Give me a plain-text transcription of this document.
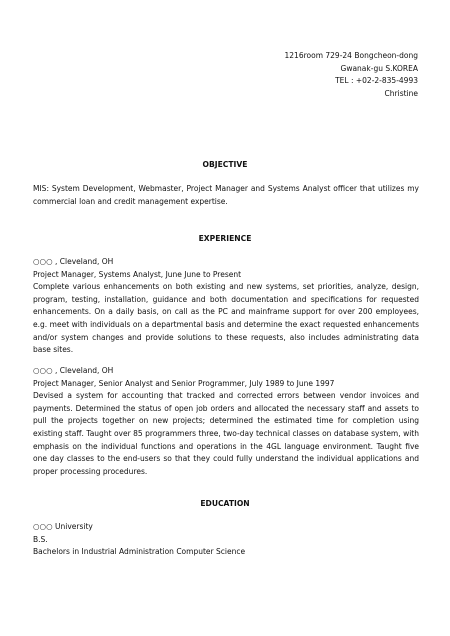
1216room 729-24 Bongcheon-dong
Gwanak-gu S.KOREA
TEL : +02-2-835-4993
Christine
OBJECTIVE
MIS: System Development, Webmaster, Project Manager and Systems Analyst officer that utilizes my commercial loan and credit management expertise.
EXPERIENCE
○○○ , Cleveland, OH
Project Manager, Systems Analyst, June June to Present
Complete various enhancements on both existing and new systems, set priorities, analyze, design, program, testing, installation, guidance and both documentation and specifications for requested enhancements. On a daily basis, on call as the PC and mainframe support for over 200 employees, e.g. meet with individuals on a departmental basis and determine the exact requested enhancements and/or system changes and provide solutions to these requests, also includes administrating data base sites.
○○○ , Cleveland, OH
Project Manager, Senior Analyst and Senior Programmer, July 1989 to June 1997
Devised a system for accounting that tracked and corrected errors between vendor invoices and payments. Determined the status of open job orders and allocated the necessary staff and assets to pull the projects together on new projects; determined the estimated time for completion using existing staff. Taught over 85 programmers three, two-day technical classes on database system, with emphasis on the individual functions and operations in the 4GL language environment. Taught five one day classes to the end-users so that they could fully understand the individual applications and proper processing procedures.
EDUCATION
○○○ University
B.S.
Bachelors in Industrial Administration Computer Science
